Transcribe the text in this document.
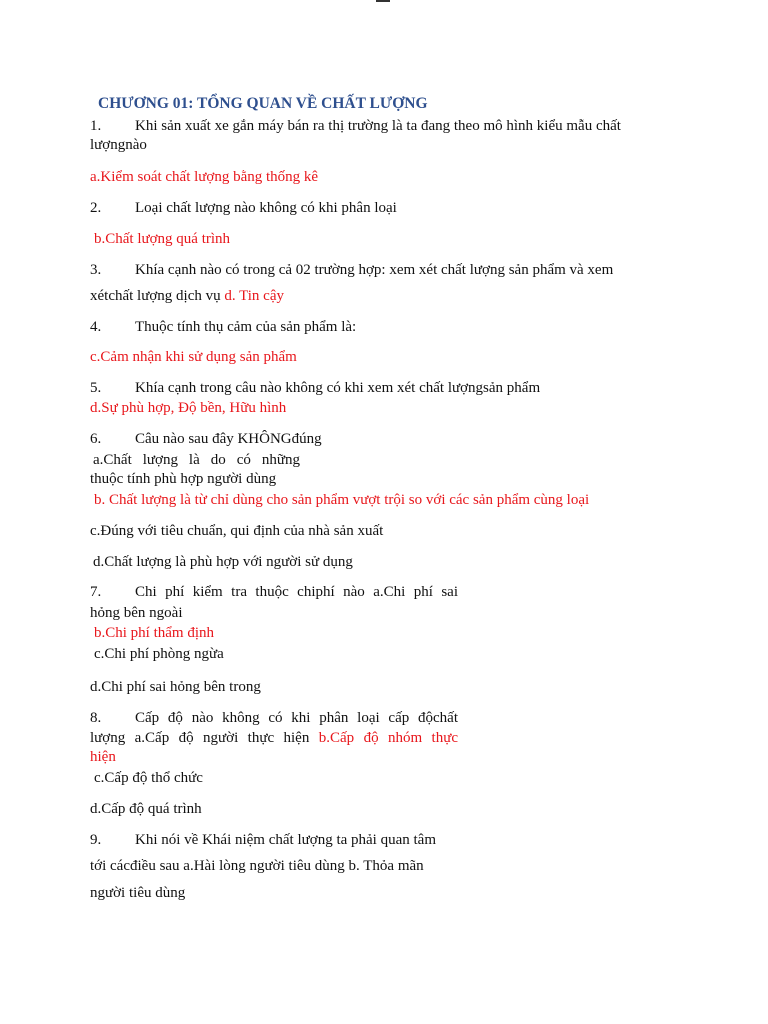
CHƯƠNG 01: TỔNG QUAN VỀ CHẤT LƯỢNG
1. Khi sản xuất xe gắn máy bán ra thị trường là ta đang theo mô hình kiểu mẫu chất
lượngnào
a.Kiểm soát chất lượng bằng thống kê
2. Loại chất lượng nào không có khi phân loại
b.Chất lượng quá trình
3. Khía cạnh nào có trong cả 02 trường hợp: xem xét chất lượng sản phẩm và xem
xétchất lượng dịch vụ d. Tin cậy
4. Thuộc tính thụ cảm của sản phẩm là:
c.Cảm nhận khi sử dụng sản phẩm
5. Khía cạnh trong câu nào không có khi xem xét chất lượngsản phẩm
d.Sự phù hợp, Độ bền, Hữu hình
6. Câu nào sau đây KHÔNGđúng
a.Chất lượng là do có những
thuộc tính phù hợp người dùng
b. Chất lượng là từ chỉ dùng cho sản phẩm vượt trội so với các sản phẩm cùng loại
c.Đúng với tiêu chuẩn, qui định của nhà sản xuất
d.Chất lượng là phù hợp với người sử dụng
7. Chi phí kiểm tra thuộc chiphí nào a.Chi phí sai
hỏng bên ngoài
b.Chi phí thẩm định
c.Chi phí phòng ngừa
d.Chi phí sai hỏng bên trong
8. Cấp độ nào không có khi phân loại cấp độchất
lượng a.Cấp độ người thực hiện b.Cấp độ nhóm thực
hiện
c.Cấp độ thổ chức
d.Cấp độ quá trình
9. Khi nói về Khái niệm chất lượng ta phải quan tâm
tới cácđiều sau a.Hài lòng người tiêu dùng b. Thỏa mãn
người tiêu dùng
